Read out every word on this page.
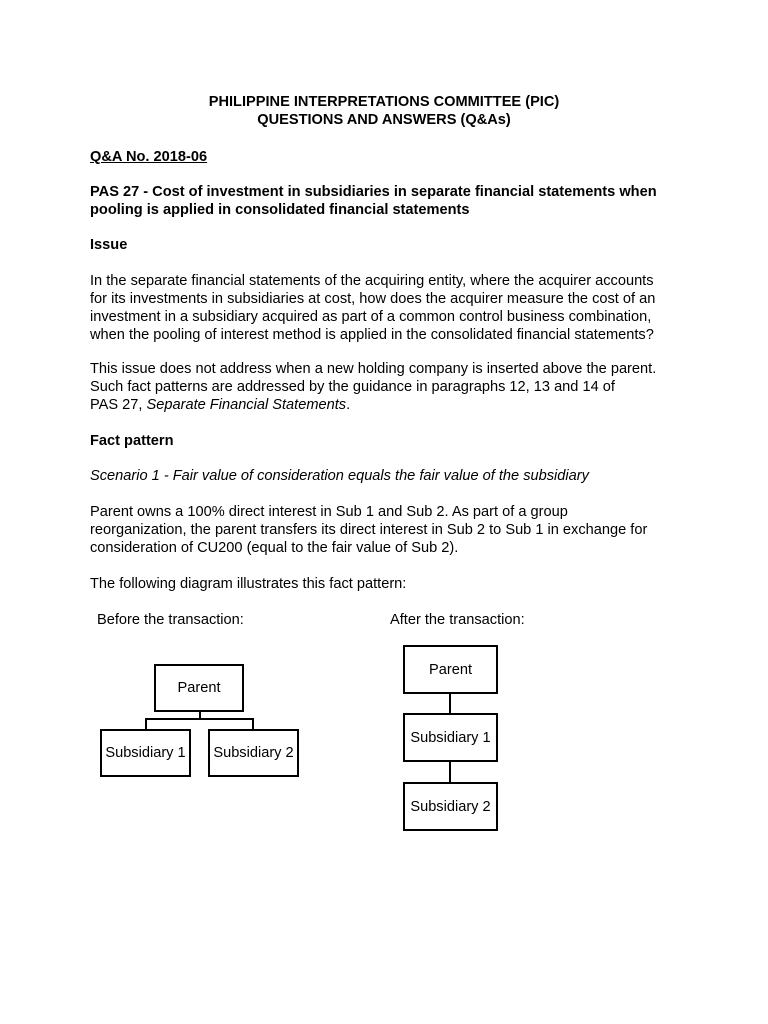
PHILIPPINE INTERPRETATIONS COMMITTEE (PIC)
QUESTIONS AND ANSWERS (Q&As)
Q&A No. 2018-06
PAS 27 - Cost of investment in subsidiaries in separate financial statements when
pooling is applied in consolidated financial statements
Issue
In the separate financial statements of the acquiring entity, where the acquirer accounts
for its investments in subsidiaries at cost, how does the acquirer measure the cost of an
investment in a subsidiary acquired as part of a common control business combination,
when the pooling of interest method is applied in the consolidated financial statements?
This issue does not address when a new holding company is inserted above the parent.
Such fact patterns are addressed by the guidance in paragraphs 12, 13 and 14 of
PAS 27, Separate Financial Statements.
Fact pattern
Scenario 1 - Fair value of consideration equals the fair value of the subsidiary
Parent owns a 100% direct interest in Sub 1 and Sub 2. As part of a group
reorganization, the parent transfers its direct interest in Sub 2 to Sub 1 in exchange for
consideration of CU200 (equal to the fair value of Sub 2).
The following diagram illustrates this fact pattern:
Before the transaction:	After the transaction:
Parent
Subsidiary 1	Subsidiary 2
Parent
Subsidiary 1
Subsidiary 2
